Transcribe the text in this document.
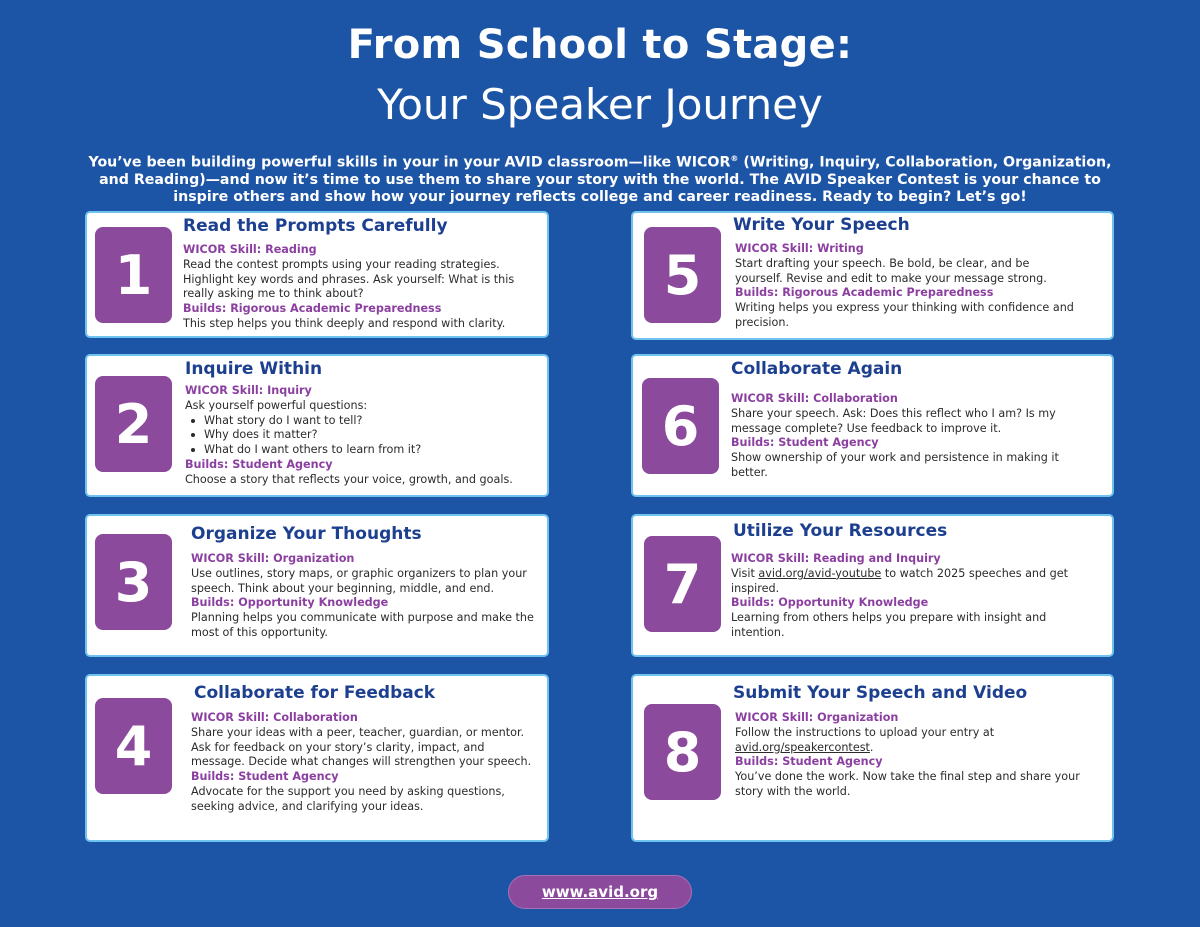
From School to Stage:
Your Speaker Journey
You’ve been building powerful skills in your in your AVID classroom—like WICOR® (Writing, Inquiry, Collaboration, Organization, and Reading)—and now it’s time to use them to share your story with the world. The AVID Speaker Contest is your chance to inspire others and show how your journey reflects college and career readiness. Ready to begin? Let’s go!
1
Read the Prompts Carefully
WICOR Skill: Reading
Read the contest prompts using your reading strategies. Highlight key words and phrases. Ask yourself: What is this really asking me to think about?
Builds: Rigorous Academic Preparedness
This step helps you think deeply and respond with clarity.
2
Inquire Within
WICOR Skill: Inquiry
Ask yourself powerful questions:
What story do I want to tell?
Why does it matter?
What do I want others to learn from it?
Builds: Student Agency
Choose a story that reflects your voice, growth, and goals.
3
Organize Your Thoughts
WICOR Skill: Organization
Use outlines, story maps, or graphic organizers to plan your speech. Think about your beginning, middle, and end.
Builds: Opportunity Knowledge
Planning helps you communicate with purpose and make the most of this opportunity.
4
Collaborate for Feedback
WICOR Skill: Collaboration
Share your ideas with a peer, teacher, guardian, or mentor. Ask for feedback on your story’s clarity, impact, and message. Decide what changes will strengthen your speech.
Builds: Student Agency
Advocate for the support you need by asking questions, seeking advice, and clarifying your ideas.
5
Write Your Speech
WICOR Skill: Writing
Start drafting your speech. Be bold, be clear, and be yourself. Revise and edit to make your message strong.
Builds: Rigorous Academic Preparedness
Writing helps you express your thinking with confidence and precision.
6
Collaborate Again
WICOR Skill: Collaboration
Share your speech. Ask: Does this reflect who I am? Is my message complete? Use feedback to improve it.
Builds: Student Agency
Show ownership of your work and persistence in making it better.
7
Utilize Your Resources
WICOR Skill: Reading and Inquiry
Visit avid.org/avid-youtube to watch 2025 speeches and get inspired.
Builds: Opportunity Knowledge
Learning from others helps you prepare with insight and intention.
8
Submit Your Speech and Video
WICOR Skill: Organization
Follow the instructions to upload your entry at avid.org/speakercontest.
Builds: Student Agency
You’ve done the work. Now take the final step and share your story with the world.
www.avid.org
